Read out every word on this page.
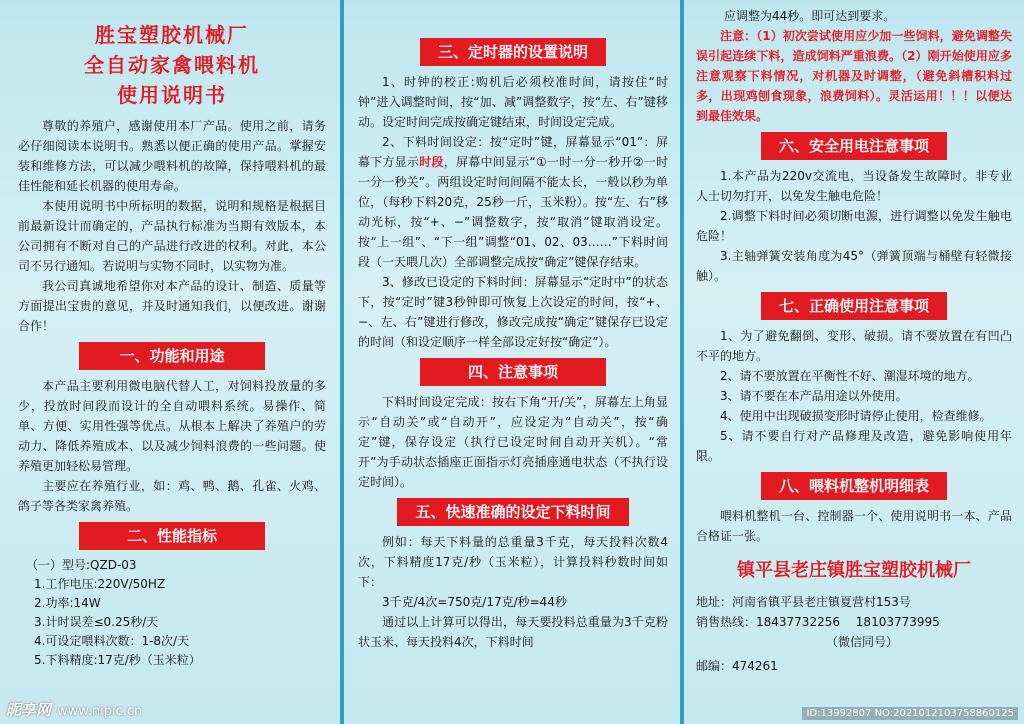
胜宝塑胶机械厂

全自动家禽喂料机

使用说明书

尊敬的养殖户，感谢使用本厂产品。使用之前，请务必仔细阅读本说明书。熟悉以便正确的使用产品。掌握安装和维修方法，可以减少喂料机的故障，保持喂料机的最佳性能和延长机器的使用寿命。

本使用说明书中所标明的数据，说明和规格是根据目前最新设计而确定的，产品执行标准为当期有效版本，本公司拥有不断对自己的产品进行改进的权利。对此，本公司不另行通知。若说明与实物不同时，以实物为准。

我公司真诚地希望你对本产品的设计、制造、质量等方面提出宝贵的意见，并及时通知我们，以便改进。谢谢合作！

一、功能和用途

本产品主要利用微电脑代替人工，对饲料投放量的多少，投放时间段而设计的全自动喂料系统。易操作、简单、方便、实用性强等优点。从根本上解决了养殖户的劳动力、降低养殖成本、以及减少饲料浪费的一些问题。使养殖更加轻松易管理。

主要应在养殖行业，如：鸡、鸭、鹅、孔雀、火鸡、鸽子等各类家禽养殖。

二、性能指标

（一）型号:QZD-03

1.工作电压:220V/50HZ

2.功率:14W

3.计时误差≤0.25秒/天

4.可设定喂料次数：1-8次/天

5.下料精度:17克/秒（玉米粒）

三、定时器的设置说明

1、时钟的校正:购机后必须校准时间，请按住“时钟”进入调整时间，按“加、减”调整数字，按“左、右”键移动。设定时间完成按确定键结束，时间设定完成。

2、下料时间设定：按“定时”键，屏幕显示“01”：屏幕下方显示时段，屏幕中间显示“①一时一分一秒开②一时一分一秒关”。两组设定时间间隔不能太长，一般以秒为单位，（每秒下料20克，25秒一斤，玉米粉）。按“左、右”移动光标，按“+、−”调整数字，按“取消”键取消设定。按“上一组”、“下一组”调整“01、02、03……”下料时间段（一天喂几次）全部调整完成按“确定”键保存结束。

3、修改已设定的下料时间：屏幕显示“定时中”的状态下，按“定时”键3秒钟即可恢复上次设定的时间，按“+、−、左、右”键进行修改，修改完成按“确定”键保存已设定的时间（和设定顺序一样全部设定好按“确定”）。

四、注意事项

下料时间设定完成：按右下角“开/关”，屏幕左上角显示“自动关”或“自动开”，应设定为“自动关”，按“确定”键，保存设定（执行已设定时间自动开关机）。“常开”为手动状态插座正面指示灯亮插座通电状态（不执行设定时间）。

五、快速准确的设定下料时间

例如：每天下料量的总重量3千克，每天投料次数4次，下料精度17克/秒（玉米粒），计算投料秒数时间如下：

3千克/4次=750克/17克/秒=44秒

通过以上计算可以得出，每天要投料总重量为3千克粉状玉米、每天投料4次，下料时间

应调整为44秒。即可达到要求。

注意：（1）初次尝试使用应少加一些饲料，避免调整失误引起连续下料，造成饲料严重浪费。（2）刚开始使用应多注意观察下料情况，对机器及时调整，（避免斜槽积料过多，出现鸡刨食现象，浪费饲料）。灵活运用！！！以便达到最佳效果。

六、安全用电注意事项

1.本产品为220v交流电，当设备发生故障时。非专业人士切勿打开，以免发生触电危险！

2.调整下料时间必须切断电源，进行调整以免发生触电危险！

3.主轴弹簧安装角度为45°（弹簧顶端与桶壁有轻微接触）。

七、正确使用注意事项

1、为了避免翻倒、变形、破损。请不要放置在有凹凸不平的地方。

2、请不要放置在平衡性不好、潮湿环境的地方。

3、请不要在本产品用途以外使用。

4、使用中出现破损变形时请停止使用，检查维修。

5、请不要自行对产品修理及改造，避免影响使用年限。

八、喂料机整机明细表

喂料机整机一台、控制器一个、使用说明书一本、产品合格证一张。

镇平县老庄镇胜宝塑胶机械厂

地址：河南省镇平县老庄镇夏营村153号

销售热线：18437732256　 18103773995

（微信同号）

邮编：474261

昵享网 www.nipic.cn	ID:13992807 NO:20210121037588601​25
